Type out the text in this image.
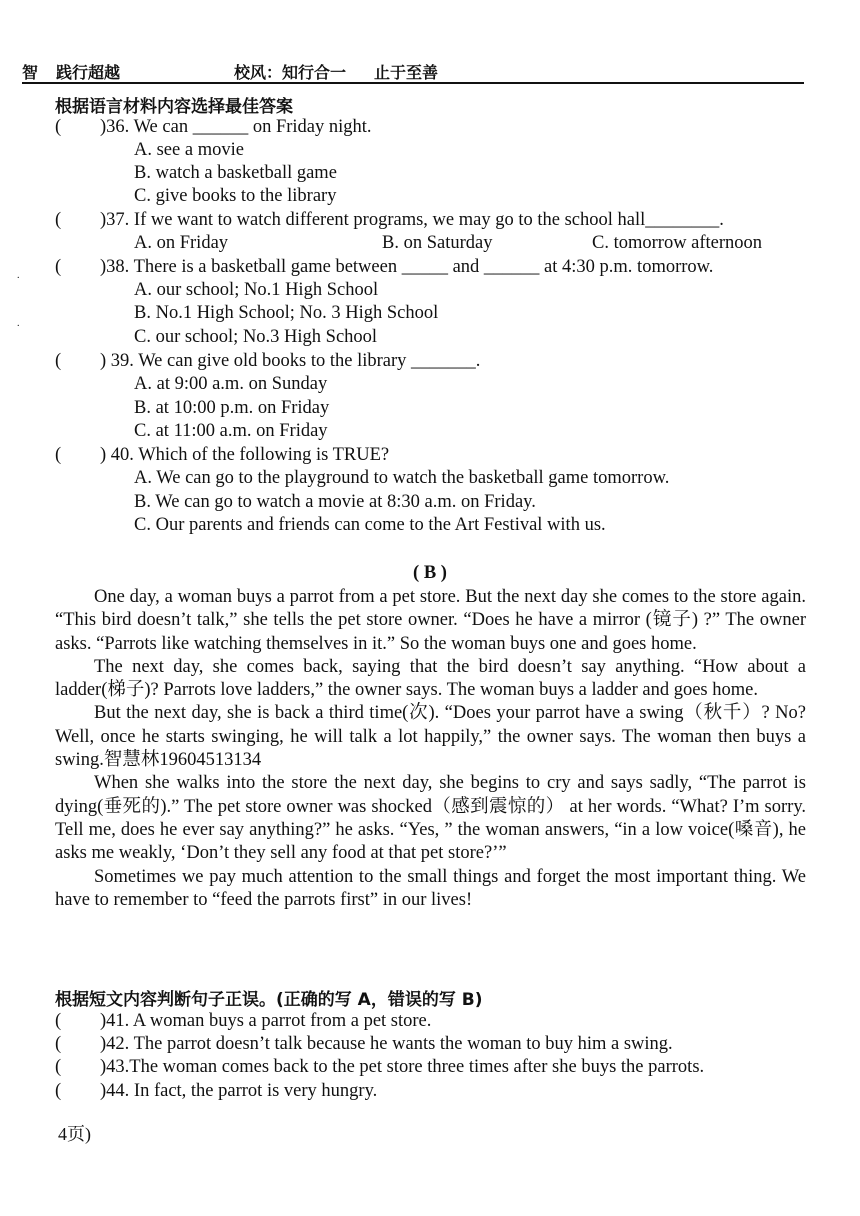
智 践行超越	校风：知行合一 止于至善
.
.
根据语言材料内容选择最佳答案
( )36. We can ______ on Friday night.
A. see a movie
B. watch a basketball game
C. give books to the library
( )37. If we want to watch different programs, we may go to the school hall________.
A. on Friday	B. on Saturday	C. tomorrow afternoon
( )38. There is a basketball game between _____ and ______ at 4:30 p.m. tomorrow.
A. our school; No.1 High School
B. No.1 High School; No. 3 High School
C. our school; No.3 High School
( ) 39. We can give old books to the library _______.
A. at 9:00 a.m. on Sunday
B. at 10:00 p.m. on Friday
C. at 11:00 a.m. on Friday
( ) 40. Which of the following is TRUE?
A. We can go to the playground to watch the basketball game tomorrow.
B. We can go to watch a movie at 8:30 a.m. on Friday.
C. Our parents and friends can come to the Art Festival with us.
( B )

One day, a woman buys a parrot from a pet store. But the next day she comes to the store again. “This bird doesn’t talk,” she tells the pet store owner. “Does he have a mirror (镜子) ?” The owner asks. “Parrots like watching themselves in it.” So the woman buys one and goes home.

The next day, she comes back, saying that the bird doesn’t say anything. “How about a ladder(梯子)? Parrots love ladders,” the owner says. The woman buys a ladder and goes home.

But the next day, she is back a third time(次). “Does your parrot have a swing（秋千）? No? Well, once he starts swinging, he will talk a lot happily,” the owner says. The woman then buys a swing.智慧林19604513134

When she walks into the store the next day, she begins to cry and says sadly, “The parrot is dying(垂死的).” The pet store owner was shocked（感到震惊的） at her words. “What? I’m sorry. Tell me, does he ever say anything?” he asks. “Yes, ” the woman answers, “in a low voice(嗓音), he asks me weakly, ‘Don’t they sell any food at that pet store?’”

Sometimes we pay much attention to the small things and forget the most important thing. We have to remember to “feed the parrots first” in our lives!

根据短文内容判断句子正误。(正确的写 A，错误的写 B)
( )41. A woman buys a parrot from a pet store.
( )42. The parrot doesn’t talk because he wants the woman to buy him a swing.
( )43.The woman comes back to the pet store three times after she buys the parrots.
( )44. In fact, the parrot is very hungry.
4页)
